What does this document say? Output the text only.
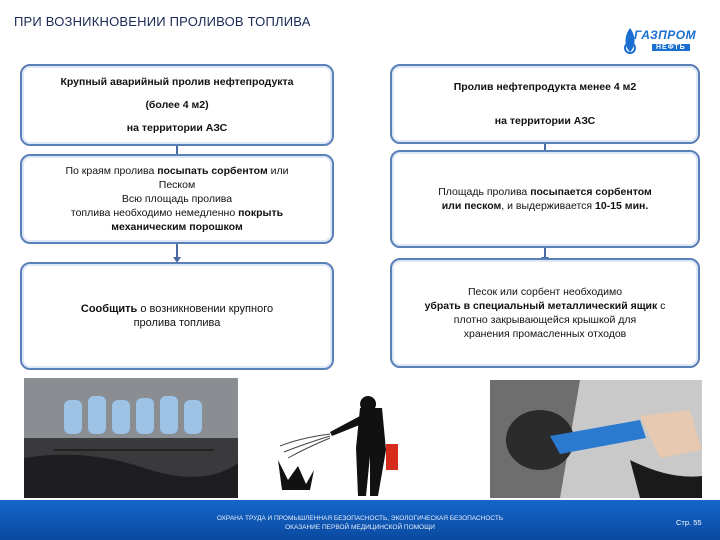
ПРИ ВОЗНИКНОВЕНИИ ПРОЛИВОВ ТОПЛИВА
ГАЗПРОМ
НЕФТЬ
Крупный аварийный пролив нефтепродукта
(более 4 м2)
на территории АЗС
По краям пролива посыпать сорбентом или
Песком
Всю площадь пролива
топлива необходимо немедленно покрыть
механическим порошком
Сообщить о возникновении крупного
пролива топлива
Пролив нефтепродукта менее 4 м2
на территории АЗС
Площадь пролива посыпается сорбентом
или песком, и выдерживается 10-15 мин.
Песок или сорбент необходимо
убрать в специальный металлический ящик с
плотно закрывающейся крышкой для
хранения промасленных отходов
ОХРАНА ТРУДА И ПРОМЫШЛЕННАЯ БЕЗОПАСНОСТЬ, ЭКОЛОГИЧЕСКАЯ БЕЗОПАСНОСТЬ
ОКАЗАНИЕ ПЕРВОЙ МЕДИЦИНСКОЙ ПОМОЩИ
Стр. 55
